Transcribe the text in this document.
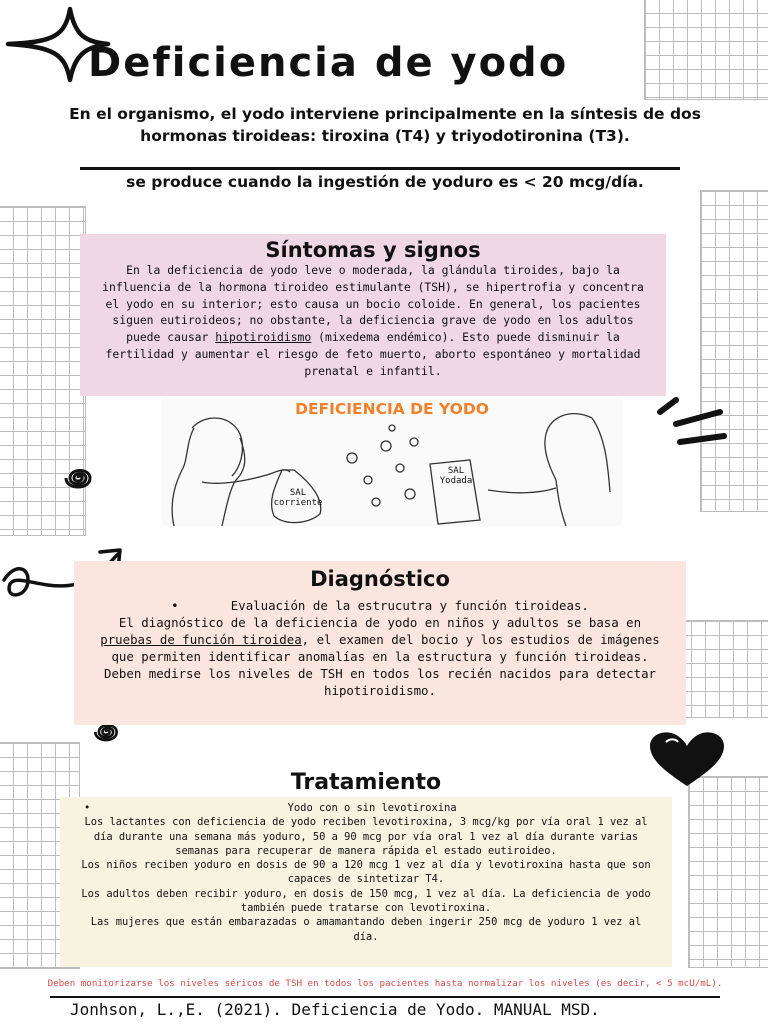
Deficiencia de yodo

En el organismo, el yodo interviene principalmente en la síntesis de dos hormonas tiroideas: tiroxina (T4) y triyodotironina (T3).

se produce cuando la ingestión de yoduro es < 20 mcg/día.

Síntomas y signos

En la deficiencia de yodo leve o moderada, la glándula tiroides, bajo la influencia de la hormona tiroideo estimulante (TSH), se hipertrofia y concentra el yodo en su interior; esto causa un bocio coloide. En general, los pacientes siguen eutiroideos; no obstante, la deficiencia grave de yodo en los adultos puede causar hipotiroidismo (mixedema endémico). Esto puede disminuir la fertilidad y aumentar el riesgo de feto muerto, aborto espontáneo y mortalidad prenatal e infantil.

DEFICIENCIA DE YODO
SAL
corriente
SAL
Yodada
Diagnóstico

•       Evaluación de la estrucutra y función tiroideas.

El diagnóstico de la deficiencia de yodo en niños y adultos se basa en pruebas de función tiroidea, el examen del bocio y los estudios de imágenes que permiten identificar anomalías en la estructura y función tiroideas. Deben medirse los niveles de TSH en todos los recién nacidos para detectar hipotiroidismo.

Tratamiento

•	Yodo con o sin levotiroxina
Los lactantes con deficiencia de yodo reciben levotiroxina, 3 mcg/kg por vía oral 1 vez al día durante una semana más yoduro, 50 a 90 mcg por vía oral 1 vez al día durante varias semanas para recuperar de manera rápida el estado eutiroideo.
Los niños reciben yoduro en dosis de 90 a 120 mcg 1 vez al día y levotiroxina hasta que son capaces de sintetizar T4.
Los adultos deben recibir yoduro, en dosis de 150 mcg, 1 vez al día. La deficiencia de yodo también puede tratarse con levotiroxina.
Las mujeres que están embarazadas o amamantando deben ingerir 250 mcg de yoduro 1 vez al día.

Deben monitorizarse los niveles séricos de TSH en todos los pacientes hasta normalizar los niveles (es decir, < 5 mcU/mL).

Jonhson, L.,E. (2021). Deficiencia de Yodo. MANUAL MSD.
